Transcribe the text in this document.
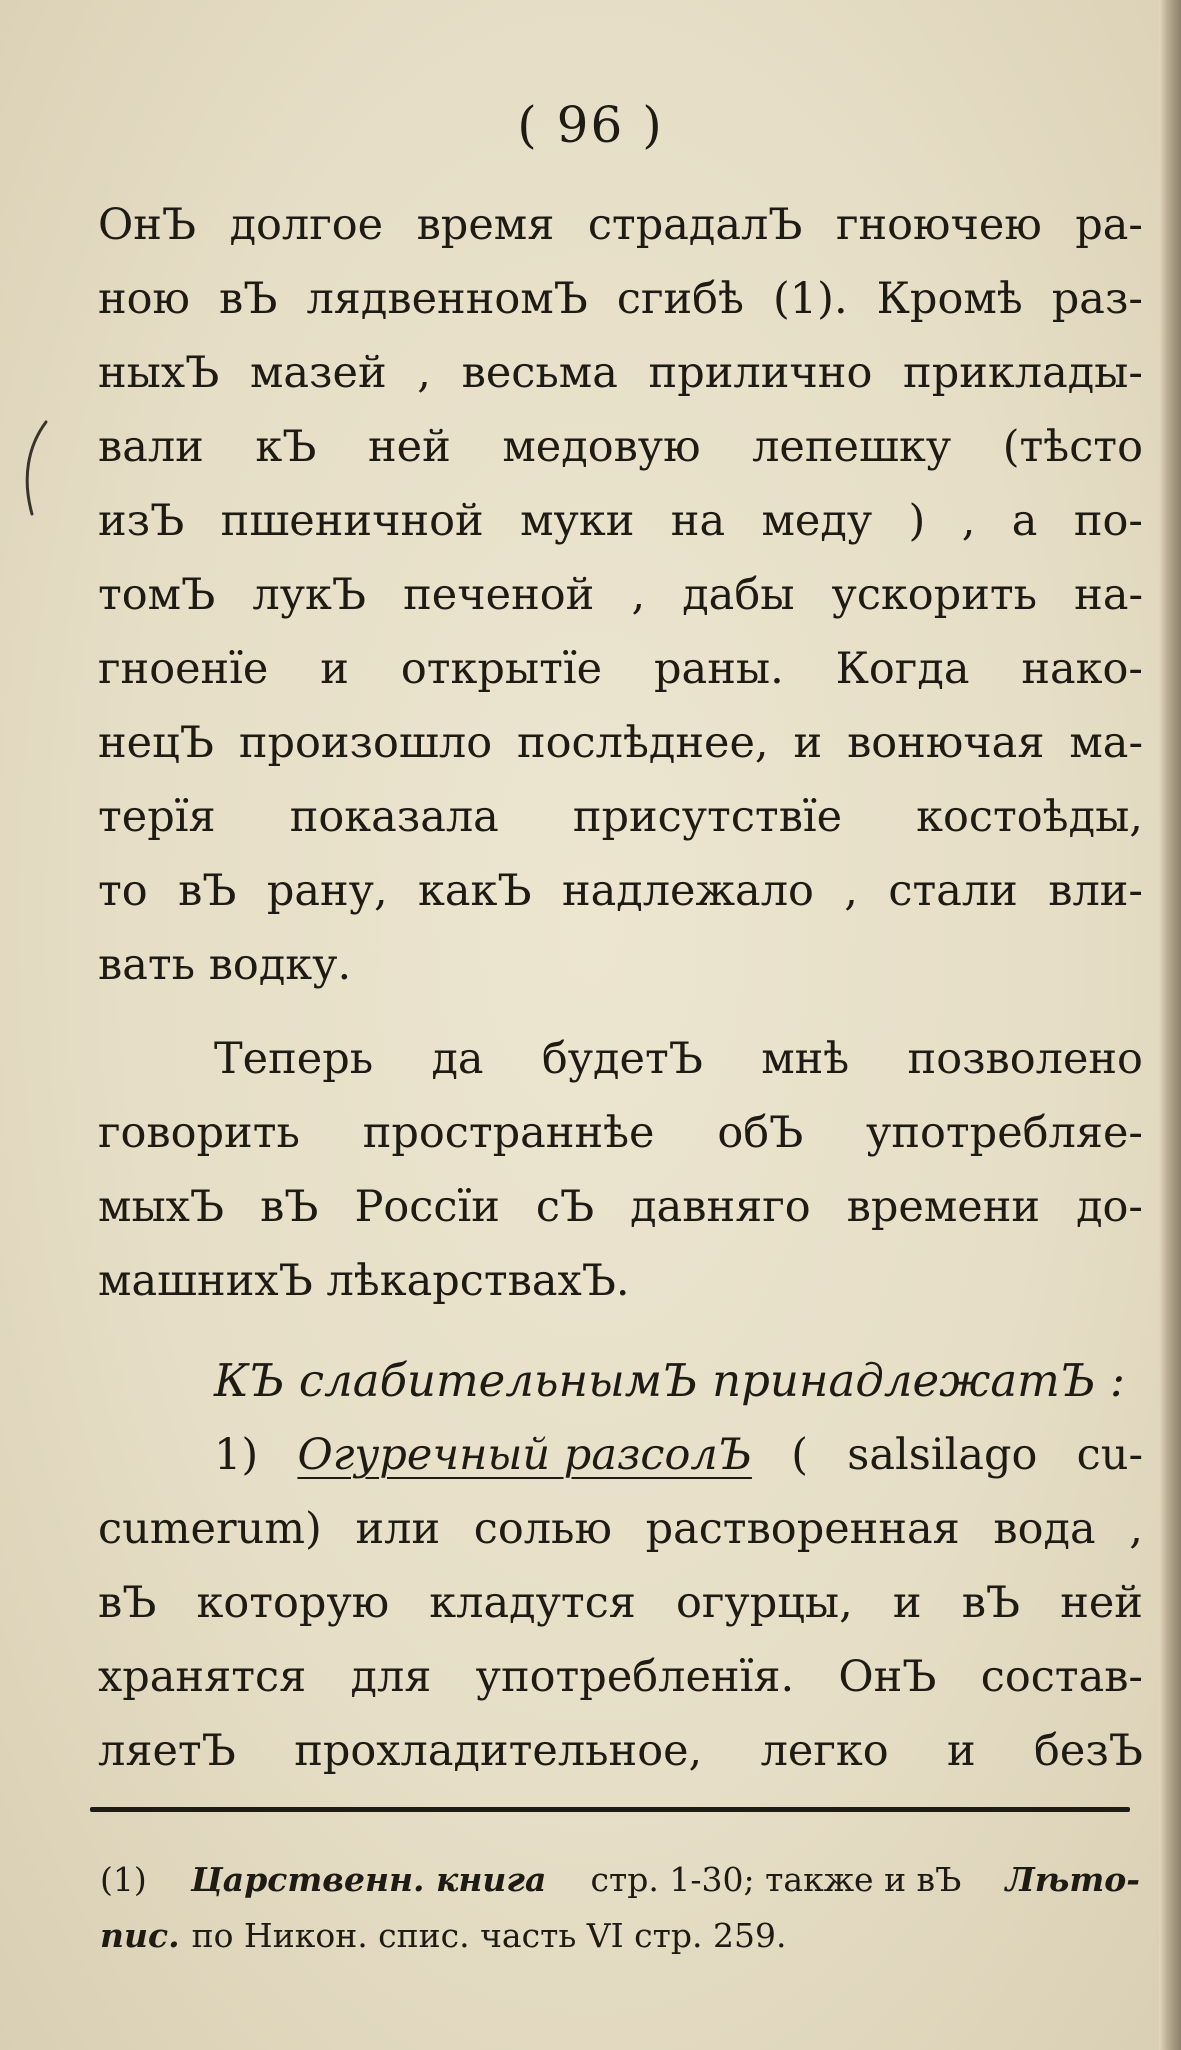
( 96 )
ОнЪ долгое время страдалЪ гноючею ра-
ною вЪ лядвенномЪ сгибѣ (1). Кромѣ раз-
ныхЪ мазей , весьма прилично приклады-
вали кЪ ней медовую лепешку (тѣсто
изЪ пшеничной муки на меду ) , а по-
томЪ лукЪ печеной , дабы ускорить на-
гноенїе и открытїе раны. Когда нако-
нецЪ произошло послѣднее, и вонючая ма-
терїя показала присутствїе костоѣды,
то вЪ рану, какЪ надлежало , стали вли-
вать
водку.
Теперь да будетЪ мнѣ позволено
говорить пространнѣе обЪ употребляе-
мыхЪ вЪ Россїи сЪ давняго времени до-
машнихЪ
лѣкарствахЪ.
КЪ слабительнымЪ принадлежатЪ :
1) Огуречный разсолЪ ( salsilago cu-
cumerum) или солью растворенная вода ,
вЪ которую кладутся огурцы, и вЪ ней
хранятся для употребленїя. ОнЪ состав-
ляетЪ прохладительное, легко и безЪ
(1) Царственн. книга стр. 1-30; также и вЪ Лѣто-
пис. по Никон. спис. часть VI стр. 259.
